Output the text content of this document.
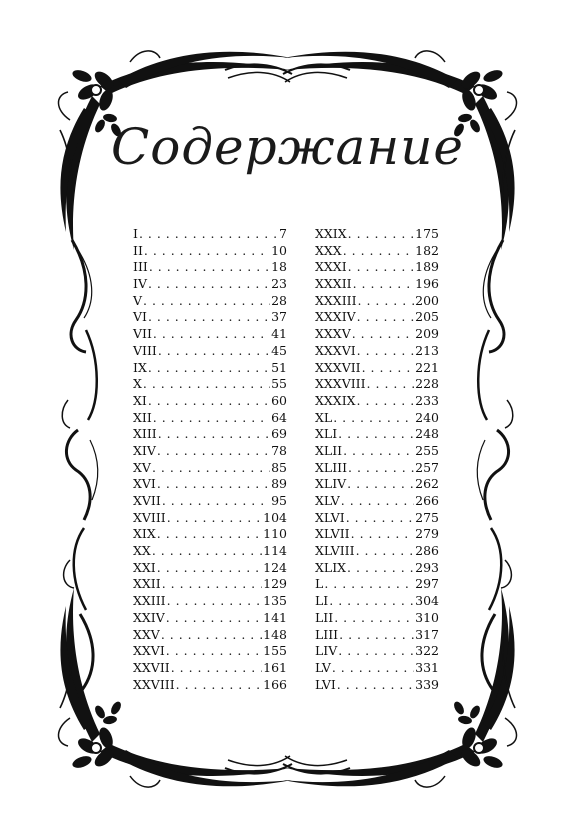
Содержание
I . . .	7
II . . .	10
III . . .	18
IV . . .	23
V . . .	28
VI . . .	37
VII . . .	41
VIII . . .	45
IX . . .	51
X . . .	55
XI . . .	60
XII . . .	64
XIII . . .	69
XIV . . .	78
XV . . .	85
XVI . . .	89
XVII . . .	95
XVIII . . .	104
XIX . . .	110
XX . . .	114
XXI . . .	124
XXII . . .	129
XXIII . . .	135
XXIV . . .	141
XXV . . .	148
XXVI . . .	155
XXVII . . .	161
XXVIII . . .	166
XXIX . . .	175
XXX . . .	182
XXXI . . .	189
XXXII . . .	196
XXXIII . . .	200
XXXIV . . .	205
XXXV . . .	209
XXXVI . . .	213
XXXVII . . .	221
XXXVIII . . .	228
XXXIX . . .	233
XL . . .	240
XLI . . .	248
XLII . . .	255
XLIII . . .	257
XLIV . . .	262
XLV . . .	266
XLVI . . .	275
XLVII . . .	279
XLVIII . . .	286
XLIX . . .	293
L . . .	297
LI . . .	304
LII . . .	310
LIII . . .	317
LIV . . .	322
LV . . .	331
LVI . . .	339
